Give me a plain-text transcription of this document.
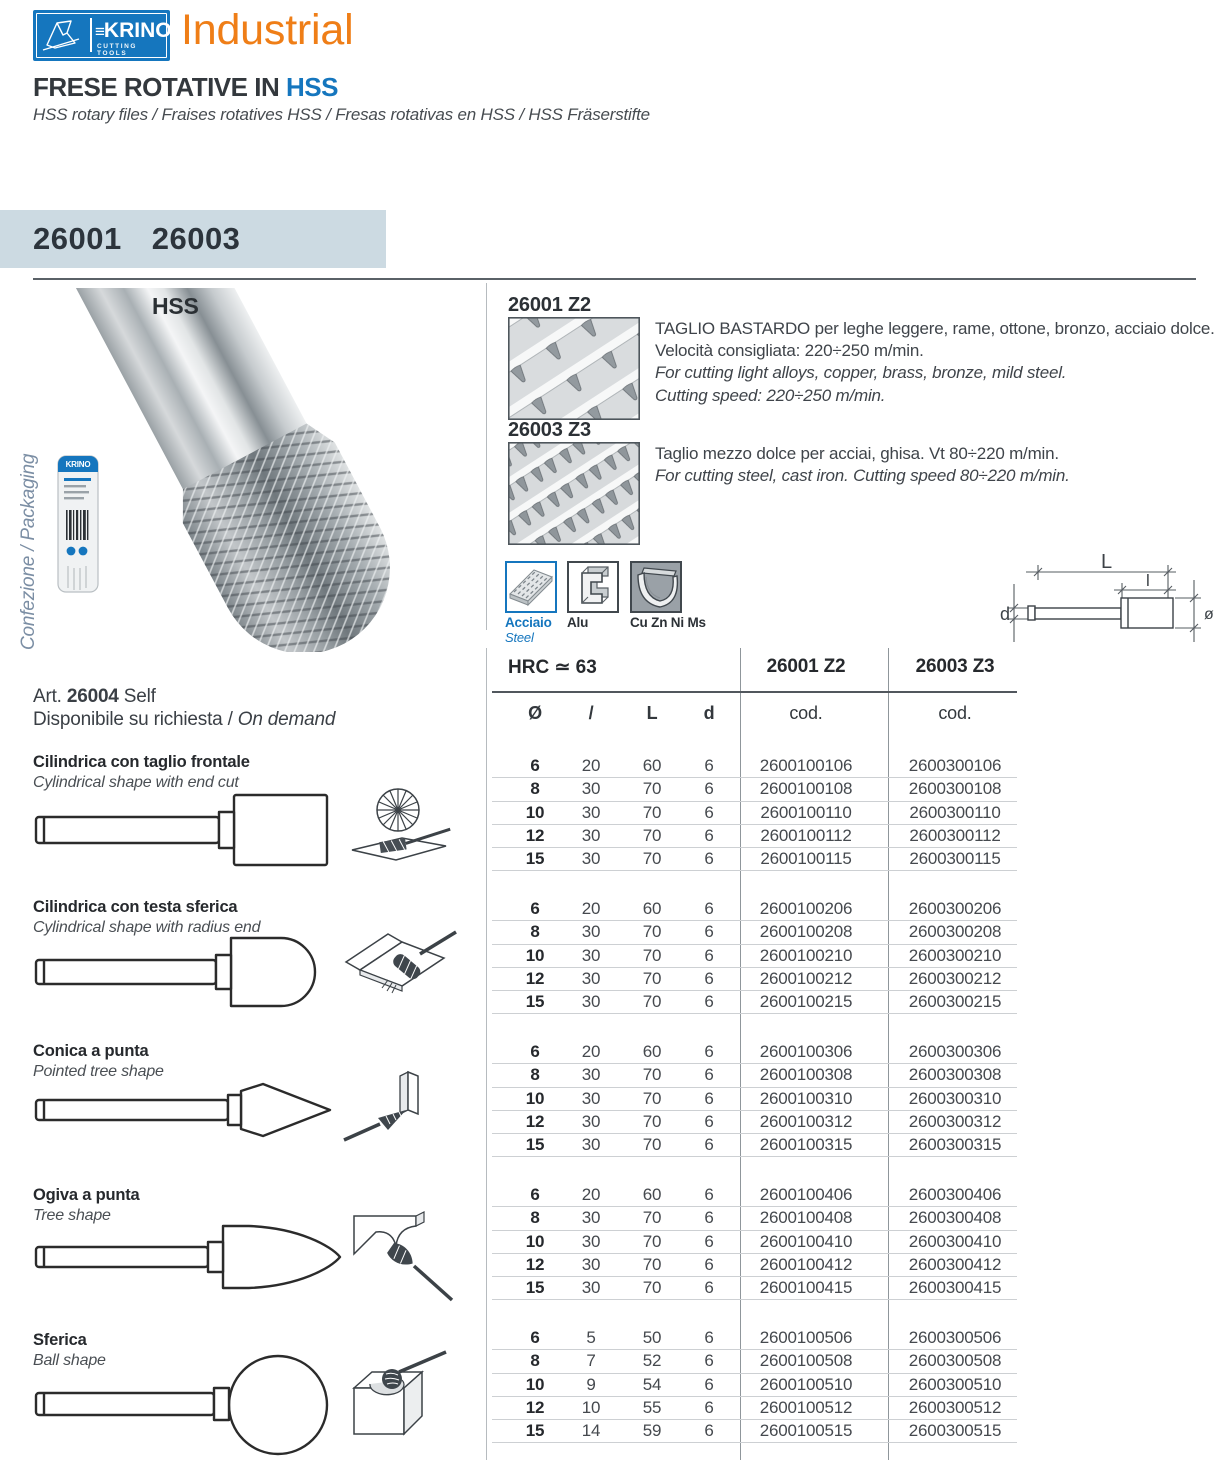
≡KRINO®
CUTTING TOOLS	Industrial
FRESE ROTATIVE IN HSS
HSS rotary files / Fraises rotatives HSS / Fresas rotativas en HSS / HSS Fräserstifte
26001 26003
HSS
KRINO
Confezione / Packaging
26001 Z2
TAGLIO BASTARDO per leghe leggere, rame, ottone, bronzo, acciaio dolce.
Velocità consigliata: 220÷250 m/min.
For cutting light alloys, copper, brass, bronze, mild steel.
Cutting speed: 220÷250 m/min.
26003 Z3
Taglio mezzo dolce per acciai, ghisa. Vt 80÷220 m/min.
For cutting steel, cast iron. Cutting speed 80÷220 m/min.
Acciaio
Steel
Alu	Cu Zn Ni Ms
L
l
d	ø
Art. 26004 Self
Disponibile su richiesta / On demand
Cilindrica con taglio frontale
Cylindrical shape with end cut
Cilindrica con testa sferica
Cylindrical shape with radius end
Conica a punta
Pointed tree shape
Ogiva a punta
Tree shape
Sferica
Ball shape
HRC ≃ 63	26001 Z2	26003 Z3
Ø	/	L	d	cod.	cod.
6	20	60	6	2600100106	2600300106
8	30	70	6	2600100108	2600300108
10	30	70	6	2600100110	2600300110
12	30	70	6	2600100112	2600300112
15	30	70	6	2600100115	2600300115
6	20	60	6	2600100206	2600300206
8	30	70	6	2600100208	2600300208
10	30	70	6	2600100210	2600300210
12	30	70	6	2600100212	2600300212
15	30	70	6	2600100215	2600300215
6	20	60	6	2600100306	2600300306
8	30	70	6	2600100308	2600300308
10	30	70	6	2600100310	2600300310
12	30	70	6	2600100312	2600300312
15	30	70	6	2600100315	2600300315
6	20	60	6	2600100406	2600300406
8	30	70	6	2600100408	2600300408
10	30	70	6	2600100410	2600300410
12	30	70	6	2600100412	2600300412
15	30	70	6	2600100415	2600300415
6	5	50	6	2600100506	2600300506
8	7	52	6	2600100508	2600300508
10	9	54	6	2600100510	2600300510
12	10	55	6	2600100512	2600300512
15	14	59	6	2600100515	2600300515
